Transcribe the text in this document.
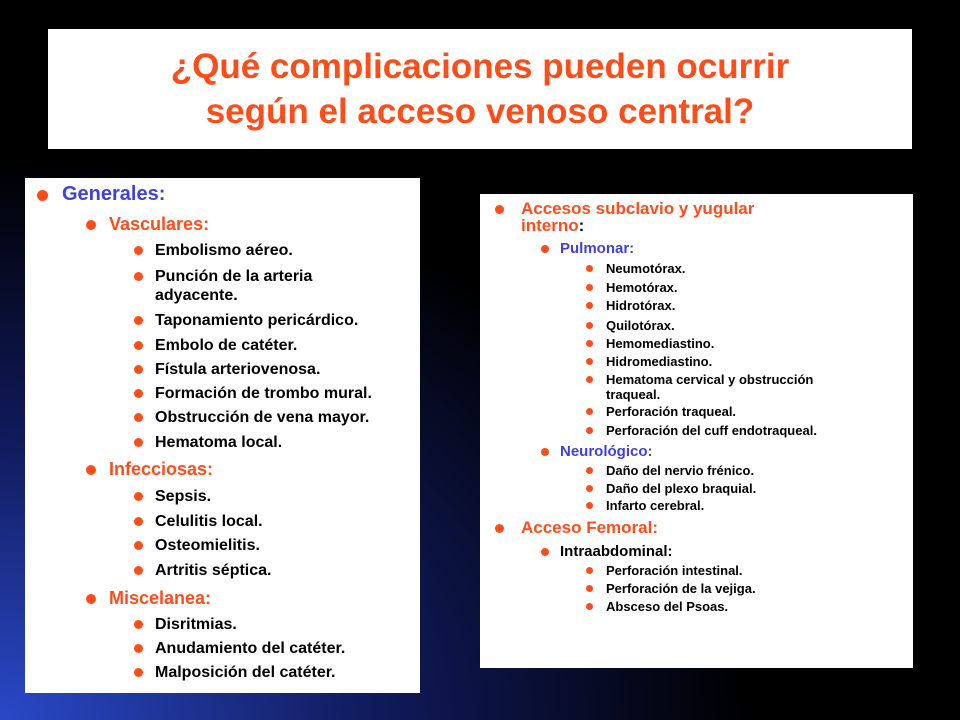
¿Qué complicaciones pueden ocurrir
según el acceso venoso central?
Generales:
Vasculares:
Embolismo aéreo.
Punción de la arteria
adyacente.
Taponamiento pericárdico.
Embolo de catéter.
Fístula arteriovenosa.
Formación de trombo mural.
Obstrucción de vena mayor.
Hematoma local.
Infecciosas:
Sepsis.
Celulitis local.
Osteomielitis.
Artritis séptica.
Miscelanea:
Disritmias.
Anudamiento del catéter.
Malposición del catéter.
Accesos subclavio y yugular
interno:
Pulmonar:
Neumotórax.
Hemotórax.
Hidrotórax.
Quilotórax.
Hemomediastino.
Hidromediastino.
Hematoma cervical y obstrucción
traqueal.
Perforación traqueal.
Perforación del cuff endotraqueal.
Neurológico:
Daño del nervio frénico.
Daño del plexo braquial.
Infarto cerebral.
Acceso Femoral:
Intraabdominal:
Perforación intestinal.
Perforación de la vejiga.
Absceso del Psoas.
